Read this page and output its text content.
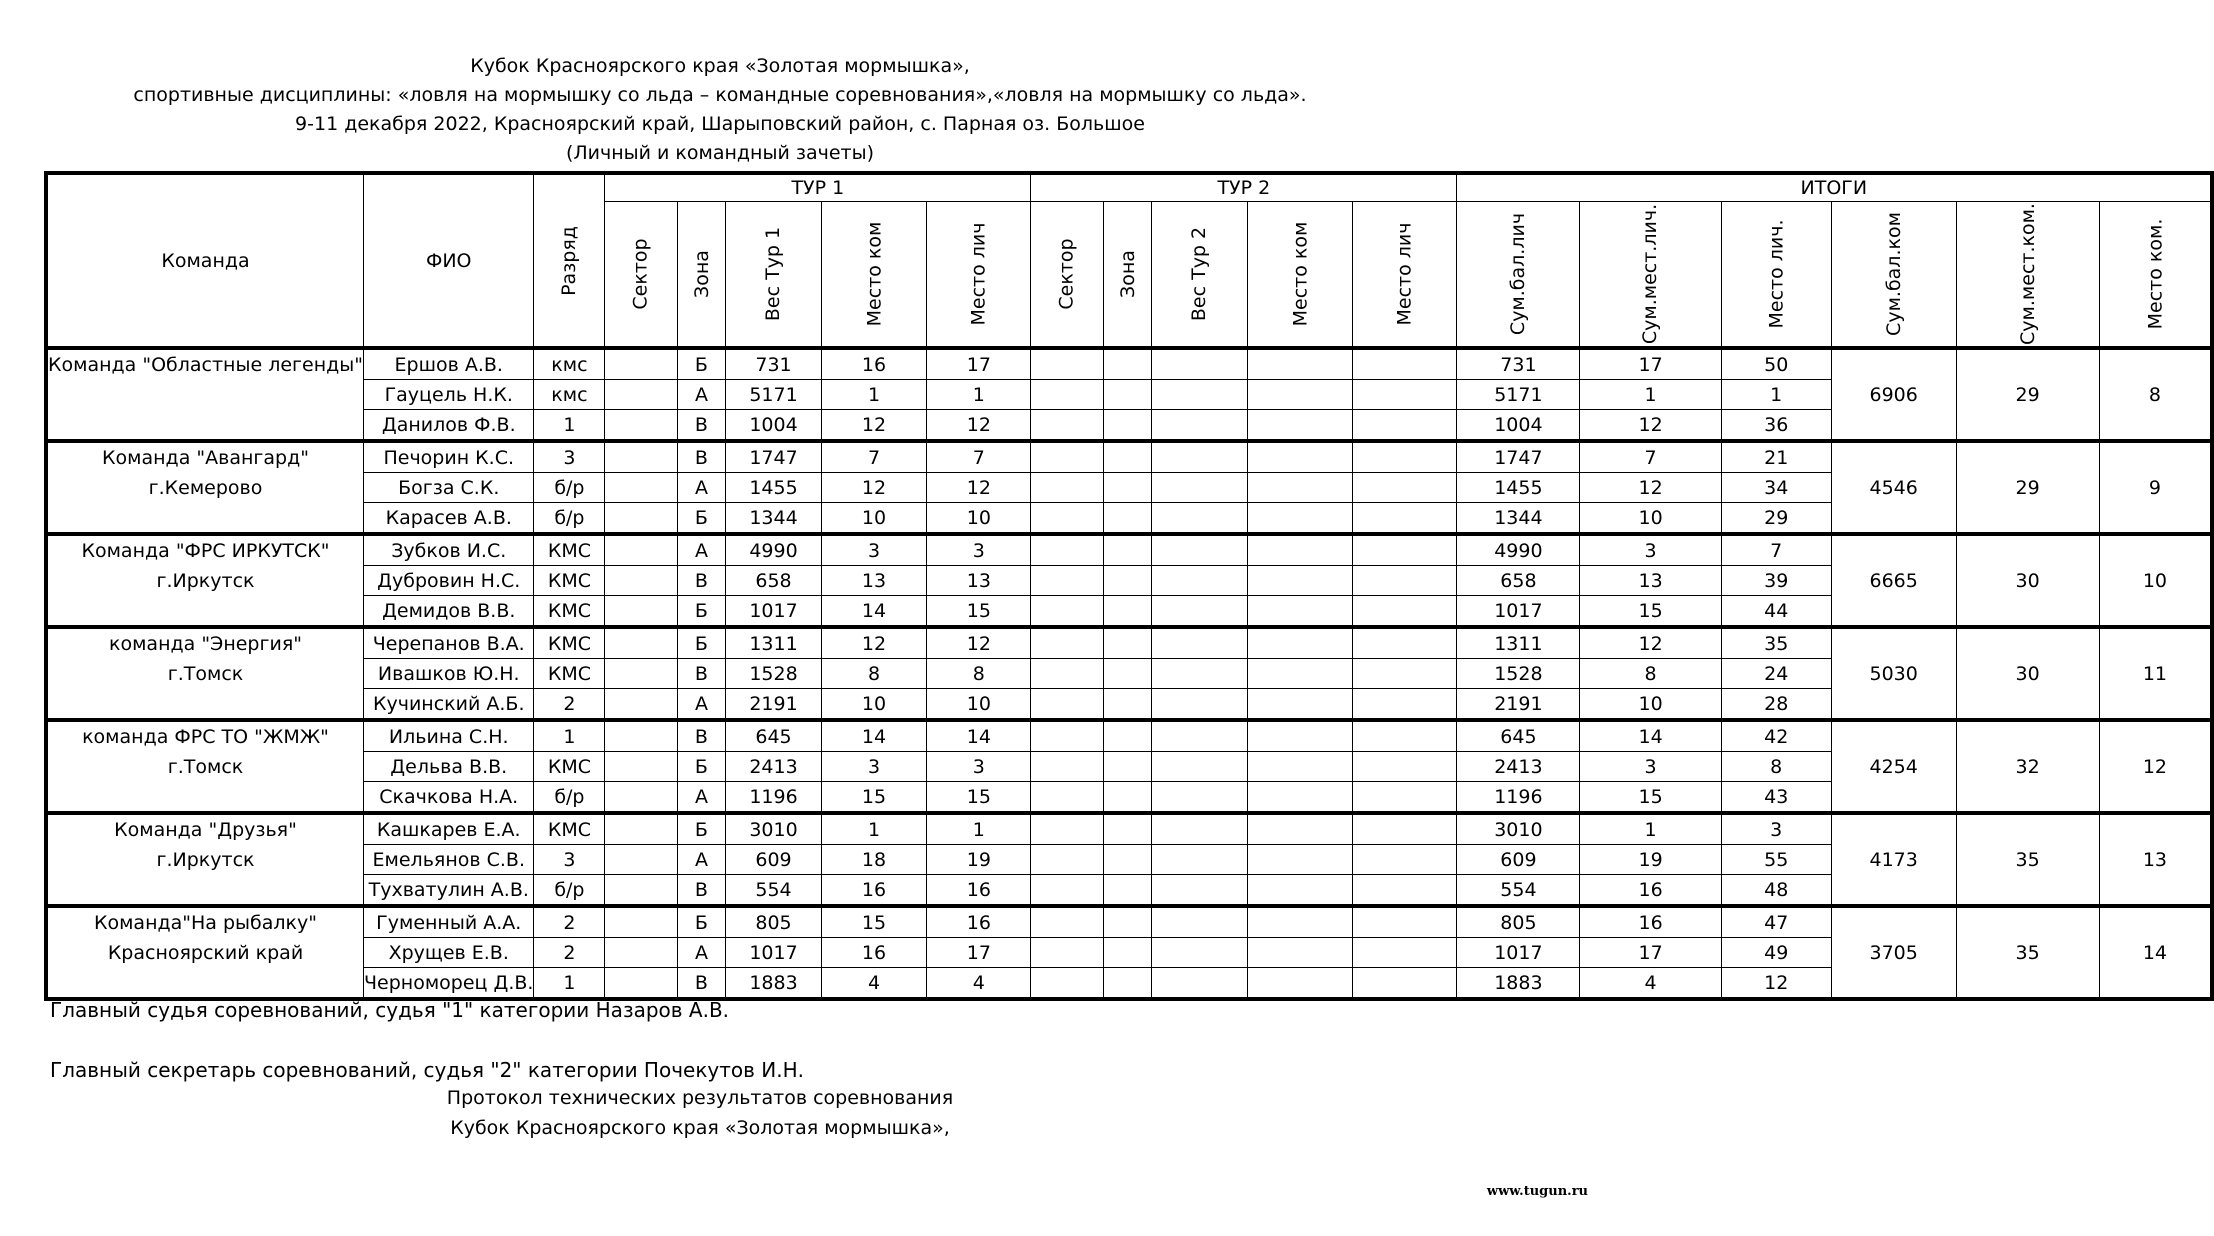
Кубок Красноярского края «Золотая мормышка»,
спортивные дисциплины: «ловля на мормышку со льда – командные соревнования»,«ловля на мормышку со льда».
9-11 декабря 2022, Красноярский край, Шарыповский район, с. Парная оз. Большое
(Личный и командный зачеты)
Команда	ФИО	Разряд	ТУР 1					ТУР 2					ИТОГИ					
			Сектор	Зона	Вес Тур 1	Место ком	Место лич	Сектор	Зона	Вес Тур 2	Место ком	Место лич	Сум.бал.лич	Сум.мест.лич.	Место лич.	Сум.бал.ком	Сум.мест.ком.	Место ком.

Команда "Областные легенды"	Ершов А.В.	кмс		Б	731	16	17						731	17	50	6906	29	8
	Гауцель Н.К.	кмс		А	5171	1	1						5171	1	1			
	Данилов Ф.В.	1		В	1004	12	12						1004	12	36			

Команда "Авангард"
г.Кемерово	Печорин К.С.	3		В	1747	7	7						1747	7	21	4546	29	9
	Богза С.К.	б/р		А	1455	12	12						1455	12	34			
	Карасев А.В.	б/р		Б	1344	10	10						1344	10	29			

Команда "ФРС ИРКУТСК"
г.Иркутск	Зубков И.С.	КМС		А	4990	3	3						4990	3	7	6665	30	10
	Дубровин Н.С.	КМС		В	658	13	13						658	13	39			
	Демидов В.В.	КМС		Б	1017	14	15						1017	15	44			

команда "Энергия"
г.Томск	Черепанов В.А.	КМС		Б	1311	12	12						1311	12	35	5030	30	11
	Ивашков Ю.Н.	КМС		В	1528	8	8						1528	8	24			
	Кучинский А.Б.	2		А	2191	10	10						2191	10	28			

команда ФРС ТО "ЖМЖ"
г.Томск	Ильина С.Н.	1		В	645	14	14						645	14	42	4254	32	12
	Дельва В.В.	КМС		Б	2413	3	3						2413	3	8			
	Скачкова Н.А.	б/р		А	1196	15	15						1196	15	43			

Команда "Друзья"
г.Иркутск	Кашкарев Е.А.	КМС		Б	3010	1	1						3010	1	3	4173	35	13
	Емельянов С.В.	3		А	609	18	19						609	19	55			
	Тухватулин А.В.	б/р		В	554	16	16						554	16	48			

Команда"На рыбалку"
Красноярский край	Гуменный А.А.	2		Б	805	15	16						805	16	47	3705	35	14
	Хрущев Е.В.	2		А	1017	16	17						1017	17	49			
	Черноморец Д.В.	1		В	1883	4	4						1883	4	12			
Главный судья соревнований, судья "1" категории Назаров А.В.
Главный секретарь соревнований, судья "2" категории Почекутов И.Н.
Протокол технических результатов соревнования
Кубок Красноярского края «Золотая мормышка»,
www.tugun.ru
